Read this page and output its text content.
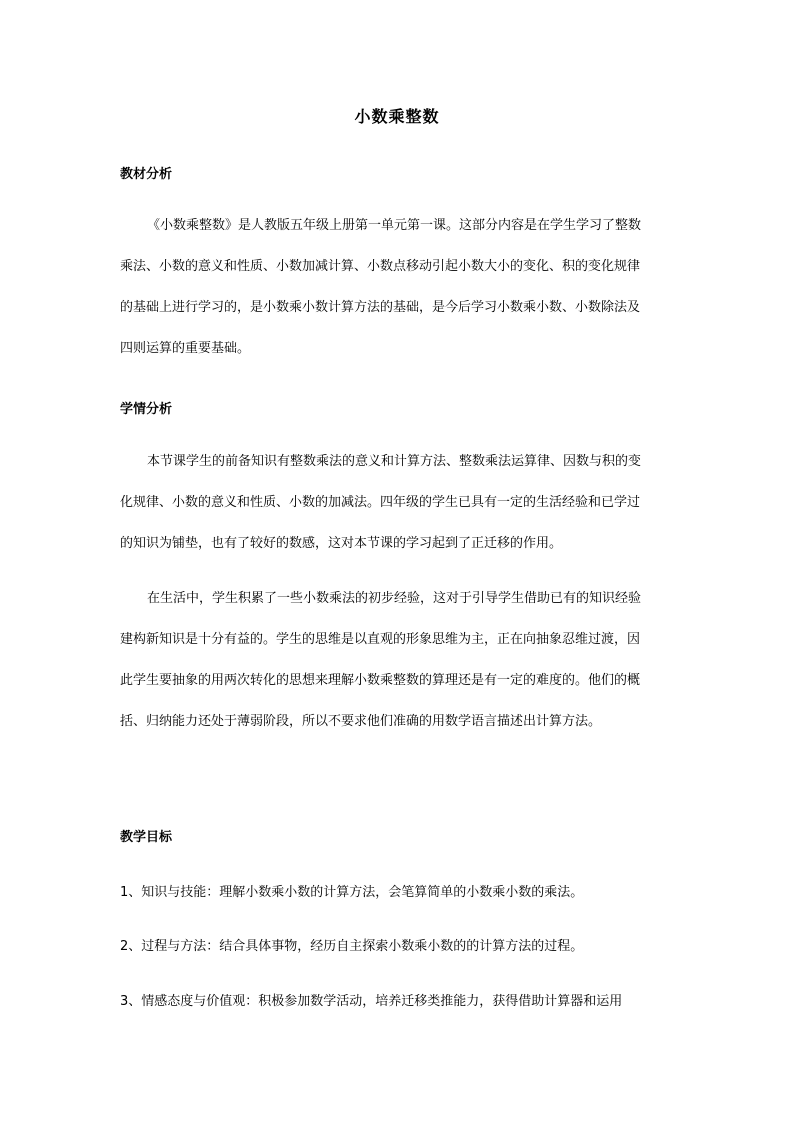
小数乘整数
教材分析
《小数乘整数》是人教版五年级上册第一单元第一课。这部分内容是在学生学习了整数
乘法、小数的意义和性质、小数加减计算、小数点移动引起小数大小的变化、积的变化规律
的基础上进行学习的，是小数乘小数计算方法的基础，是今后学习小数乘小数、小数除法及
四则运算的重要基础。
学情分析
本节课学生的前备知识有整数乘法的意义和计算方法、整数乘法运算律、因数与积的变
化规律、小数的意义和性质、小数的加减法。四年级的学生已具有一定的生活经验和已学过
的知识为铺垫，也有了较好的数感，这对本节课的学习起到了正迁移的作用。
在生活中，学生积累了一些小数乘法的初步经验，这对于引导学生借助已有的知识经验
建构新知识是十分有益的。学生的思维是以直观的形象思维为主，正在向抽象忍维过渡，因
此学生要抽象的用两次转化的思想来理解小数乘整数的算理还是有一定的难度的。他们的概
括、归纳能力还处于薄弱阶段，所以不要求他们准确的用数学语言描述出计算方法。
教学目标
1、知识与技能：理解小数乘小数的计算方法，会笔算简单的小数乘小数的乘法。
2、过程与方法：结合具体事物，经历自主探索小数乘小数的的计算方法的过程。
3、情感态度与价值观：积极参加数学活动，培养迁移类推能力，获得借助计算器和运用
